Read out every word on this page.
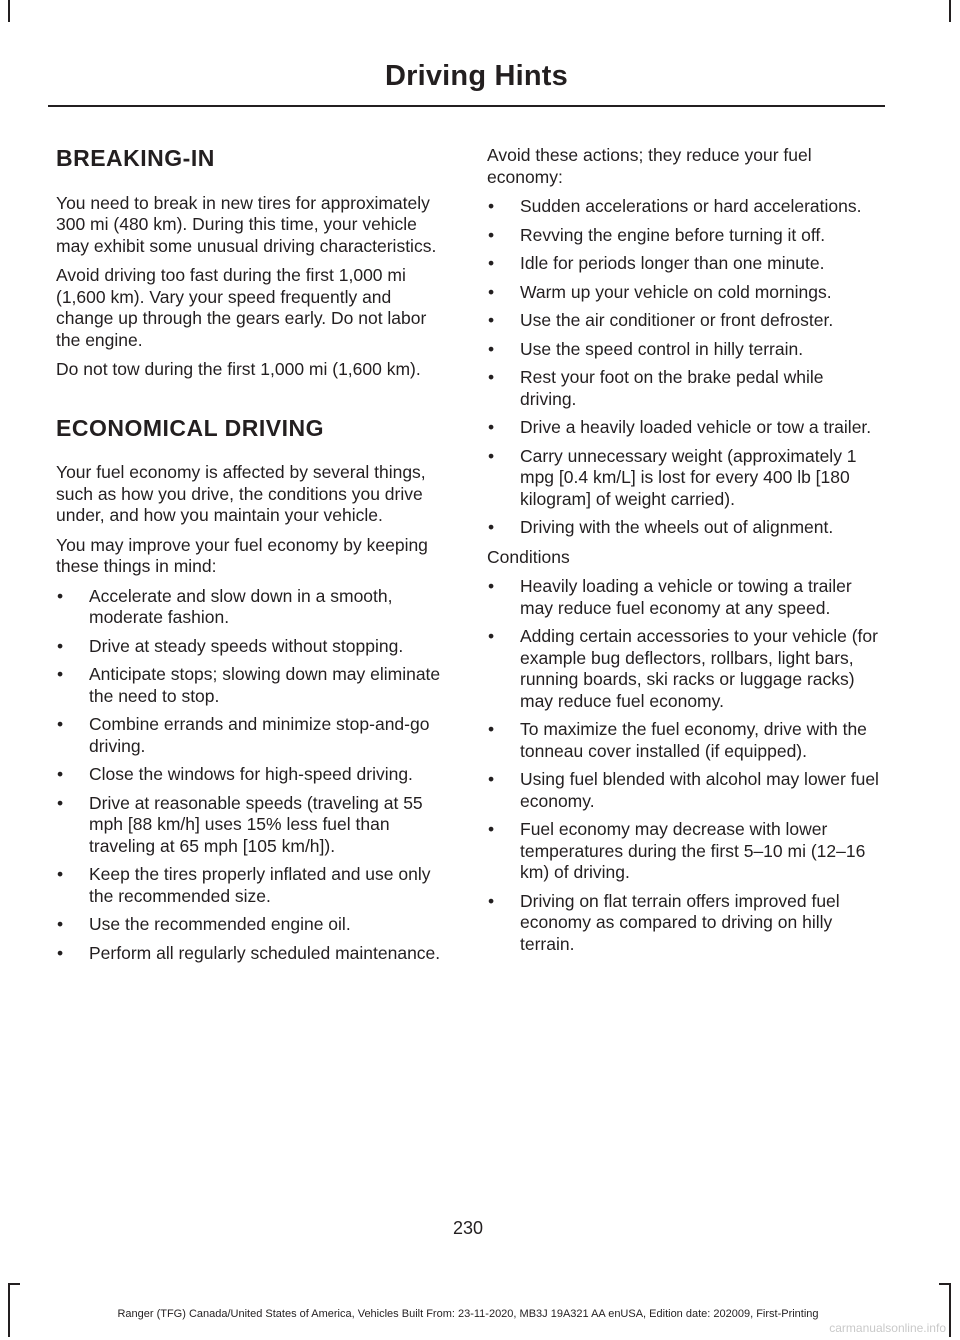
Driving Hints
BREAKING-IN

You need to break in new tires for approximately 300 mi (480 km). During this time, your vehicle may exhibit some unusual driving characteristics.

Avoid driving too fast during the first 1,000 mi (1,600 km). Vary your speed frequently and change up through the gears early. Do not labor the engine.

Do not tow during the first 1,000 mi (1,600 km).

ECONOMICAL DRIVING

Your fuel economy is affected by several things, such as how you drive, the conditions you drive under, and how you maintain your vehicle.

You may improve your fuel economy by keeping these things in mind:

• Accelerate and slow down in a smooth, moderate fashion.
• Drive at steady speeds without stopping.
• Anticipate stops; slowing down may eliminate the need to stop.
• Combine errands and minimize stop-and-go driving.
• Close the windows for high-speed driving.
• Drive at reasonable speeds (traveling at 55 mph [88 km/h] uses 15% less fuel than traveling at 65 mph [105 km/h]).
• Keep the tires properly inflated and use only the recommended size.
• Use the recommended engine oil.
• Perform all regularly scheduled maintenance.

Avoid these actions; they reduce your fuel economy:

• Sudden accelerations or hard accelerations.
• Revving the engine before turning it off.
• Idle for periods longer than one minute.
• Warm up your vehicle on cold mornings.
• Use the air conditioner or front defroster.
• Use the speed control in hilly terrain.
• Rest your foot on the brake pedal while driving.
• Drive a heavily loaded vehicle or tow a trailer.
• Carry unnecessary weight (approximately 1 mpg [0.4 km/L] is lost for every 400 lb [180 kilogram] of weight carried).
• Driving with the wheels out of alignment.

Conditions

• Heavily loading a vehicle or towing a trailer may reduce fuel economy at any speed.
• Adding certain accessories to your vehicle (for example bug deflectors, rollbars, light bars, running boards, ski racks or luggage racks) may reduce fuel economy.
• To maximize the fuel economy, drive with the tonneau cover installed (if equipped).
• Using fuel blended with alcohol may lower fuel economy.
• Fuel economy may decrease with lower temperatures during the first 5–10 mi (12–16 km) of driving.
• Driving on flat terrain offers improved fuel economy as compared to driving on hilly terrain.

230

Ranger (TFG) Canada/United States of America, Vehicles Built From: 23-11-2020, MB3J 19A321 AA enUSA, Edition date: 202009, First-Printing

carmanualsonline.info
